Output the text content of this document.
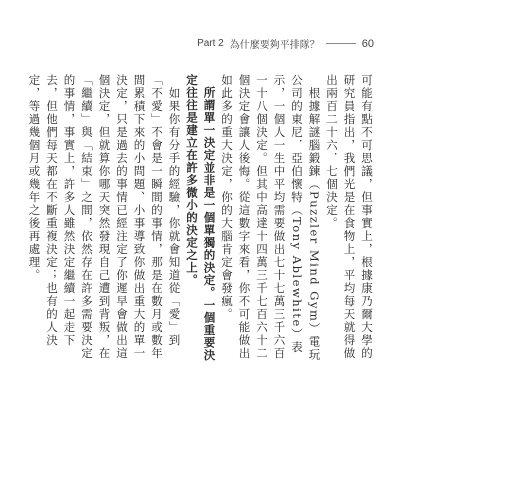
Part 2 為什麼要夠平排隊？	60

可能有點不可思議，但事實上，根據康乃爾大學的研究員指出，我們光是在食物上，平均每天就得做出兩百二十六．七個決定。

根據解謎腦鍛鍊（Puzzler Mind Gym）電玩公司的東尼．亞伯懷特（Tony Ablewhite）表示，一個人一生中平均需要做出七十七萬三千六百一十八個決定。但其中高達十四萬三千七百六十二個決定會讓人後悔。從這數字來看，你不可能做出如此多的重大決定，你的大腦肯定會發瘋。

所謂單一決定並非是一個單獨的決定。一個重要決定往往是建立在許多微小的決定之上。

如果你有分手的經驗，你就會知道從「愛」到「不愛」不會是一瞬間的事情，那是在數月或數年間累積下來的小問題、小事導致你做出重大的單一決定，只是過去的事情已經注定了你遲早會做出這個決定，但就算你哪天突然發現自己遭到背叛，在「繼續」與「結束」之間，依然存在許多需要決定的事情，事實上，許多人雖然決定繼續一起走下去，但他們每天都在不斷重複決定；也有的人決定，等過幾個月或幾年之後再處理。
